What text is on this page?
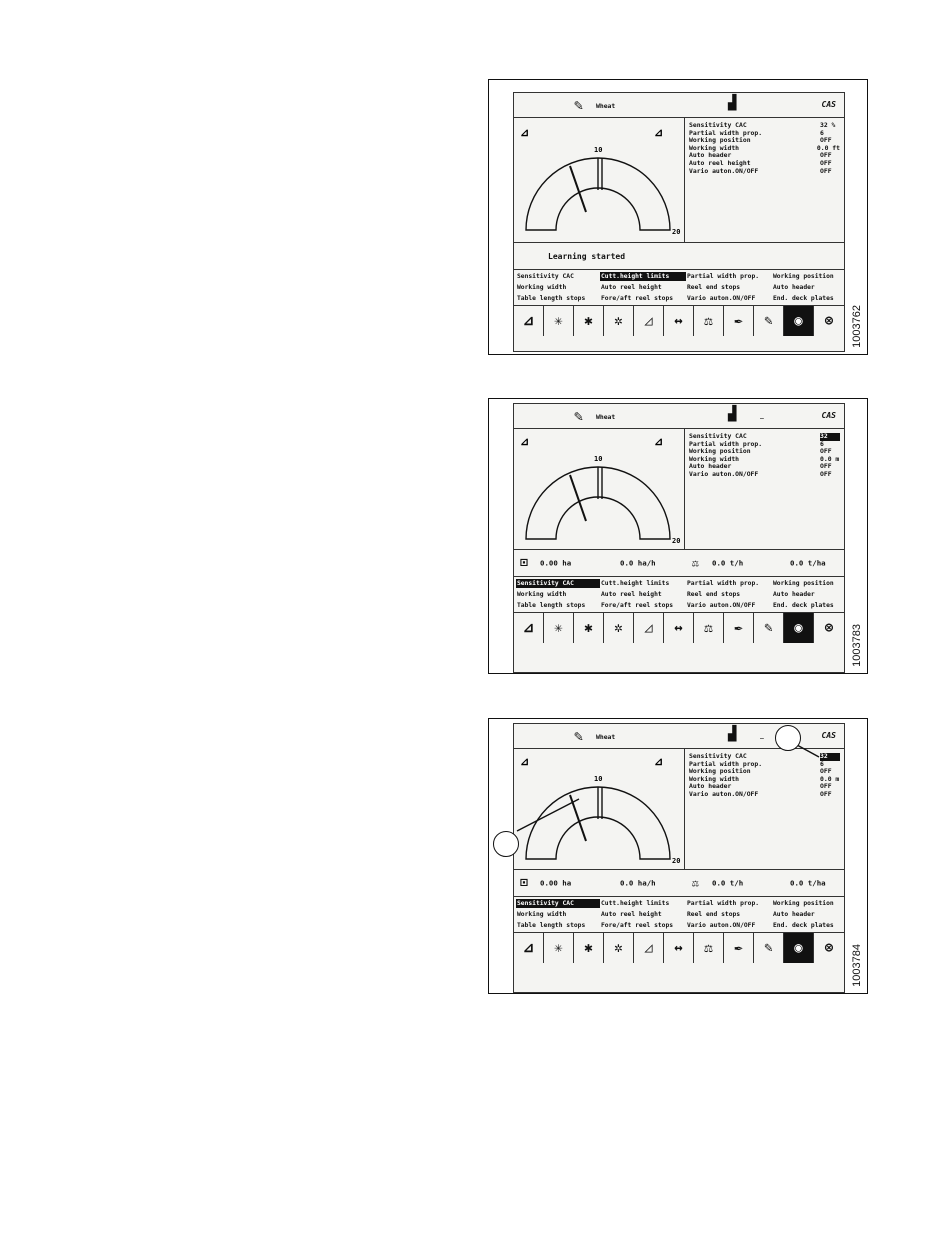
✎ Wheat	▟	CAS
10
20
⊿	⊿
Sensitivity CAC	32 %
Partial width prop.	6
Working position	OFF
Working width	0.0 ft
Auto header	OFF
Auto reel height	OFF
Vario auton.ON/OFF	OFF
Learning started
Sensitivity CAC	Cutt.height limits	Partial width prop.	Working position
Working width	Auto reel height	Reel end stops	Auto header
Table length stops	Fore/aft reel stops	Vario auton.ON/OFF	End. deck plates
⊿	✳	✱	✲	◿	↔	⚖	✒	✎	◉	⊗	1003762
✎ Wheat	▟	_	CAS
10
20
⊿	⊿	Sensitivity CAC	32
Partial width prop.	6
Working position	OFF
Working width	0.0 m
Auto header	OFF
Vario auton.ON/OFF	OFF
⊡ 0.00 ha	0.0 ha/h	⚖ 0.0 t/h	0.0 t/ha
Sensitivity CAC	Cutt.height limits	Partial width prop.	Working position
Working width	Auto reel height	Reel end stops	Auto header
Table length stops	Fore/aft reel stops	Vario auton.ON/OFF	End. deck plates
⊿	✳	✱	✲	◿	↔	⚖	✒	✎	◉	⊗	1003783
✎ Wheat	▟	_	CAS
10
20
⊿	⊿	Sensitivity CAC	32
Partial width prop.	6
Working position	OFF
Working width	0.0 m
Auto header	OFF
Vario auton.ON/OFF	OFF
⊡ 0.00 ha	0.0 ha/h	⚖ 0.0 t/h	0.0 t/ha
Sensitivity CAC	Cutt.height limits	Partial width prop.	Working position
Working width	Auto reel height	Reel end stops	Auto header
Table length stops	Fore/aft reel stops	Vario auton.ON/OFF	End. deck plates
⊿	✳	✱	✲	◿	↔	⚖	✒	✎	◉	⊗	1003784
